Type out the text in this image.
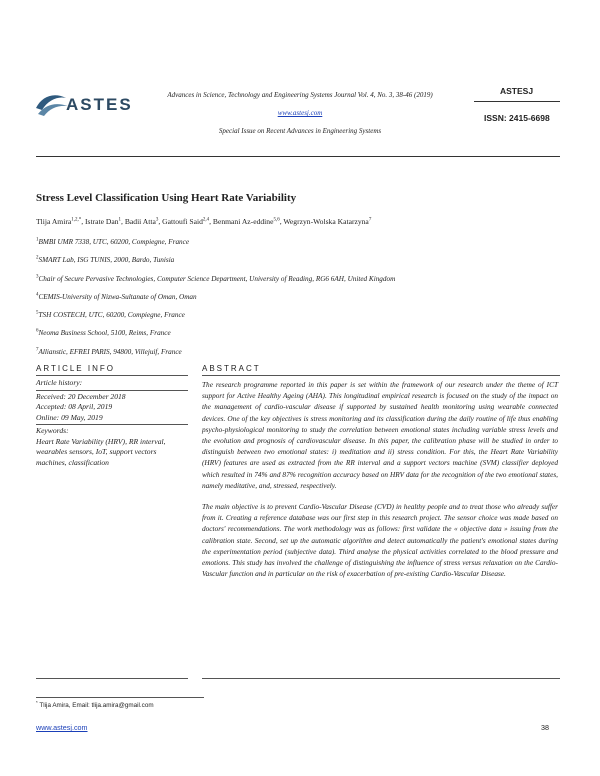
ASTES	Advances in Science, Technology and Engineering Systems Journal Vol. 4, No. 3, 38-46 (2019)
www.astesj.com
Special Issue on Recent Advances in Engineering Systems
ASTESJ
ISSN: 2415-6698
Stress Level Classification Using Heart Rate Variability
Tlija Amira$^{1,2,*}$, Istrate Dan$^1$, Badii Atta$^3$, Gattoufi Said$^{2,4}$, Benmani Az-eddine$^{5,6}$, Wegrzyn-Wolska Katarzyna$^7$
$^1$BMBI UMR 7338, UTC, 60200, Compiegne, France
$^2$SMART Lab, ISG TUNIS, 2000, Bardo, Tunisia
$^3$Chair of Secure Pervasive Technologies, Computer Science Department, University of Reading, RG6 6AH, United Kingdom
$^4$CEMIS-University of Nizwa-Sultanate of Oman, Oman
$^5$TSH COSTECH, UTC, 60200, Compiegne, France
$^6$Neoma Business School, 5100, Reims, France
$^7$Allianstic, EFREI PARIS, 94800, Villejuif, France
ARTICLE INFO	ABSTRACT
Article history:
Received: 20 December 2018
Accepted: 08 April, 2019
Online: 09 May, 2019
Keywords:
Heart Rate Variability (HRV), RR interval, wearables sensors, IoT, support vectors machines, classification

The research programme reported in this paper is set within the framework of our research under the theme of ICT support for Active Healthy Ageing (AHA). This longitudinal empirical research is focused on the study of the impact on the management of cardio-vascular disease if supported by sustained health monitoring using wearable connected devices. One of the key objectives is stress monitoring and its classification during the daily routine of life thus enabling psycho-physiological monitoring to study the correlation between emotional states including variable stress levels and the evolution and prognosis of cardiovascular disease. In this paper, the calibration phase will be studied in order to distinguish between two emotional states: i) meditation and ii) stress condition. For this, the Heart Rate Variability (HRV) features are used as extracted from the RR interval and a support vectors machine (SVM) classifier deployed which resulted in 74% and 87% recognition accuracy based on HRV data for the recognition of the two emotional states, namely meditative, and, stressed, respectively.

The main objective is to prevent Cardio-Vascular Disease (CVD) in healthy people and to treat those who already suffer from it. Creating a reference database was our first step in this research project. The sensor choice was made based on doctors' recommendations. The work methodology was as follows: first validate the « objective data » issuing from the calibration state. Second, set up the automatic algorithm and detect automatically the patient's emotional states during the experimentation period (subjective data). Third analyse the physical activities correlated to the blood pressure and emotions. This study has involved the challenge of distinguishing the influence of stress versus relaxation on the Cardio-Vascular function and in particular on the risk of exacerbation of pre-existing Cardio-Vascular Disease.

* Tlija Amira, Email: tlija.amira@gmail.com
www.astesj.com	38
